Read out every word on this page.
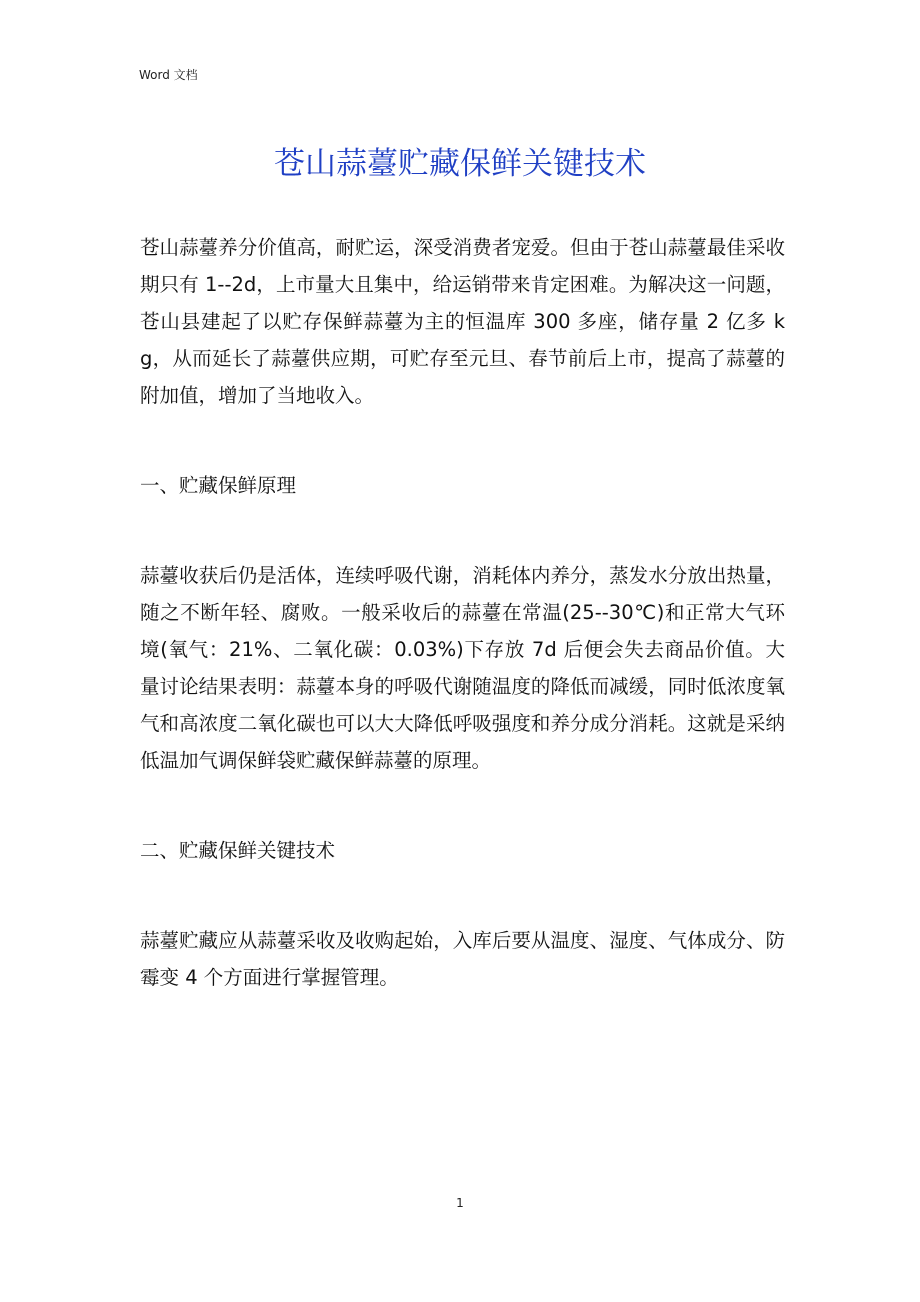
Word 文档
苍山蒜薹贮藏保鲜关键技术

苍山蒜薹养分价值高，耐贮运，深受消费者宠爱。但由于苍山蒜薹最佳采收期只有 1--2d，上市量大且集中，给运销带来肯定困难。为解决这一问题，苍山县建起了以贮存保鲜蒜薹为主的恒温库 300 多座，储存量 2 亿多 kg，从而延长了蒜薹供应期，可贮存至元旦、春节前后上市，提高了蒜薹的附加值，增加了当地收入。

一、贮藏保鲜原理

蒜薹收获后仍是活体，连续呼吸代谢，消耗体内养分，蒸发水分放出热量，随之不断年轻、腐败。一般采收后的蒜薹在常温(25--30℃)和正常大气环境(氧气：21%、二氧化碳：0.03%)下存放 7d 后便会失去商品价值。大量讨论结果表明：蒜薹本身的呼吸代谢随温度的降低而减缓，同时低浓度氧气和高浓度二氧化碳也可以大大降低呼吸强度和养分成分消耗。这就是采纳低温加气调保鲜袋贮藏保鲜蒜薹的原理。

二、贮藏保鲜关键技术

蒜薹贮藏应从蒜薹采收及收购起始，入库后要从温度、湿度、气体成分、防霉变 4 个方面进行掌握管理。

1
